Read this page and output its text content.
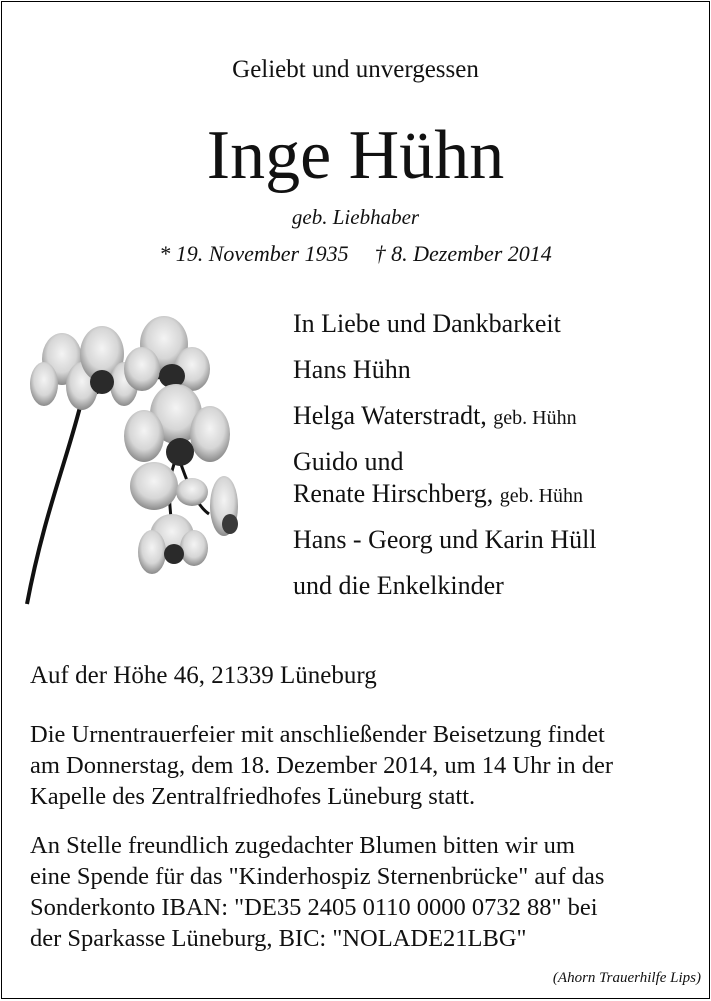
Geliebt und unvergessen
Inge Hühn
geb. Liebhaber
* 19. November 1935 † 8. Dezember 2014
In Liebe und Dankbarkeit
Hans Hühn
Helga Waterstradt, geb. Hühn
Guido und
Renate Hirschberg, geb. Hühn
Hans - Georg und Karin Hüll
und die Enkelkinder
Auf der Höhe 46, 21339 Lüneburg
Die Urnentrauerfeier mit anschließender Beisetzung findet
am Donnerstag, dem 18. Dezember 2014, um 14 Uhr in der
Kapelle des Zentralfriedhofes Lüneburg statt.
An Stelle freundlich zugedachter Blumen bitten wir um
eine Spende für das "Kinderhospiz Sternenbrücke" auf das
Sonderkonto IBAN: "DE35 2405 0110 0000 0732 88" bei
der Sparkasse Lüneburg, BIC: "NOLADE21LBG"
(Ahorn Trauerhilfe Lips)
